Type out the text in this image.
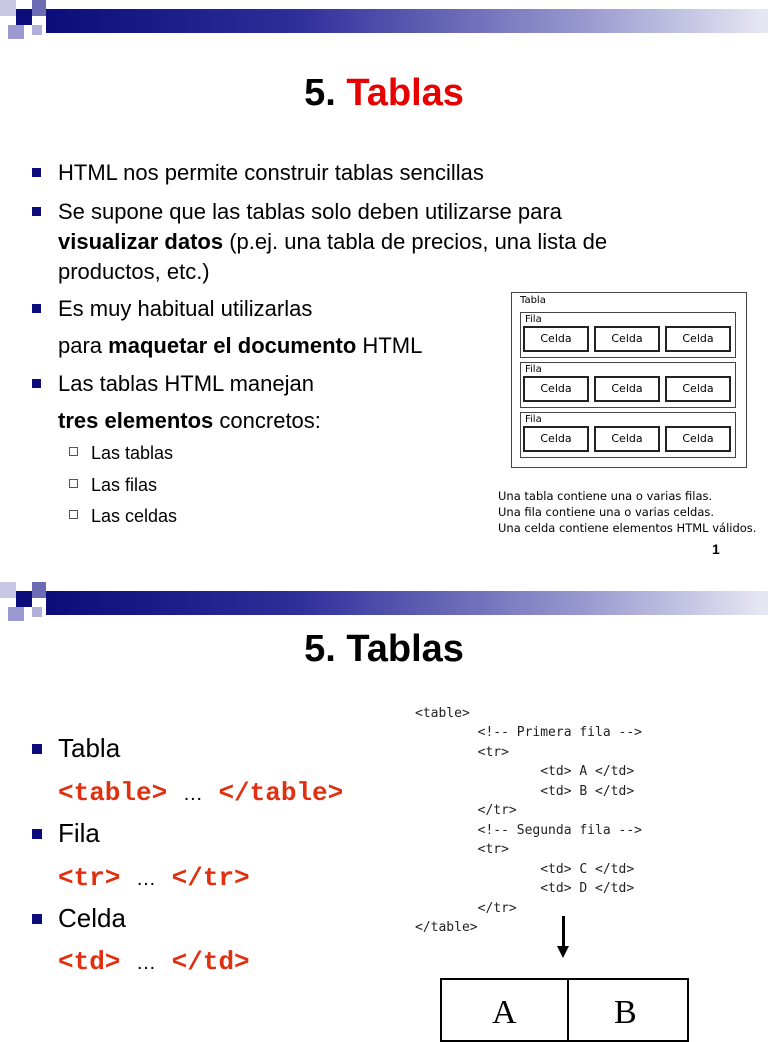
5. Tablas
HTML nos permite construir tablas sencillas
Se supone que las tablas solo deben utilizarse para
visualizar datos (p.ej. una tabla de precios, una lista de
productos, etc.)
Es muy habitual utilizarlas
para maquetar el documento HTML
Las tablas HTML manejan
tres elementos concretos:
Las tablas
Las filas
Las celdas
Tabla
Fila
Celda	Celda	Celda
Fila
Celda	Celda	Celda
Fila
Celda	Celda	Celda
Una tabla contiene una o varias filas.
Una fila contiene una o varias celdas.
Una celda contiene elementos HTML válidos.
1
5. Tablas
Tabla
<table> … </table>
Fila
<tr> … </tr>
Celda
<td> … </td>

<table>
<!-- Primera fila -->
<tr>
<td> A </td>
<td> B </td>
</tr>
<!-- Segunda fila -->
<tr>
<td> C </td>
<td> D </td>
</tr>
</table>

A	B
